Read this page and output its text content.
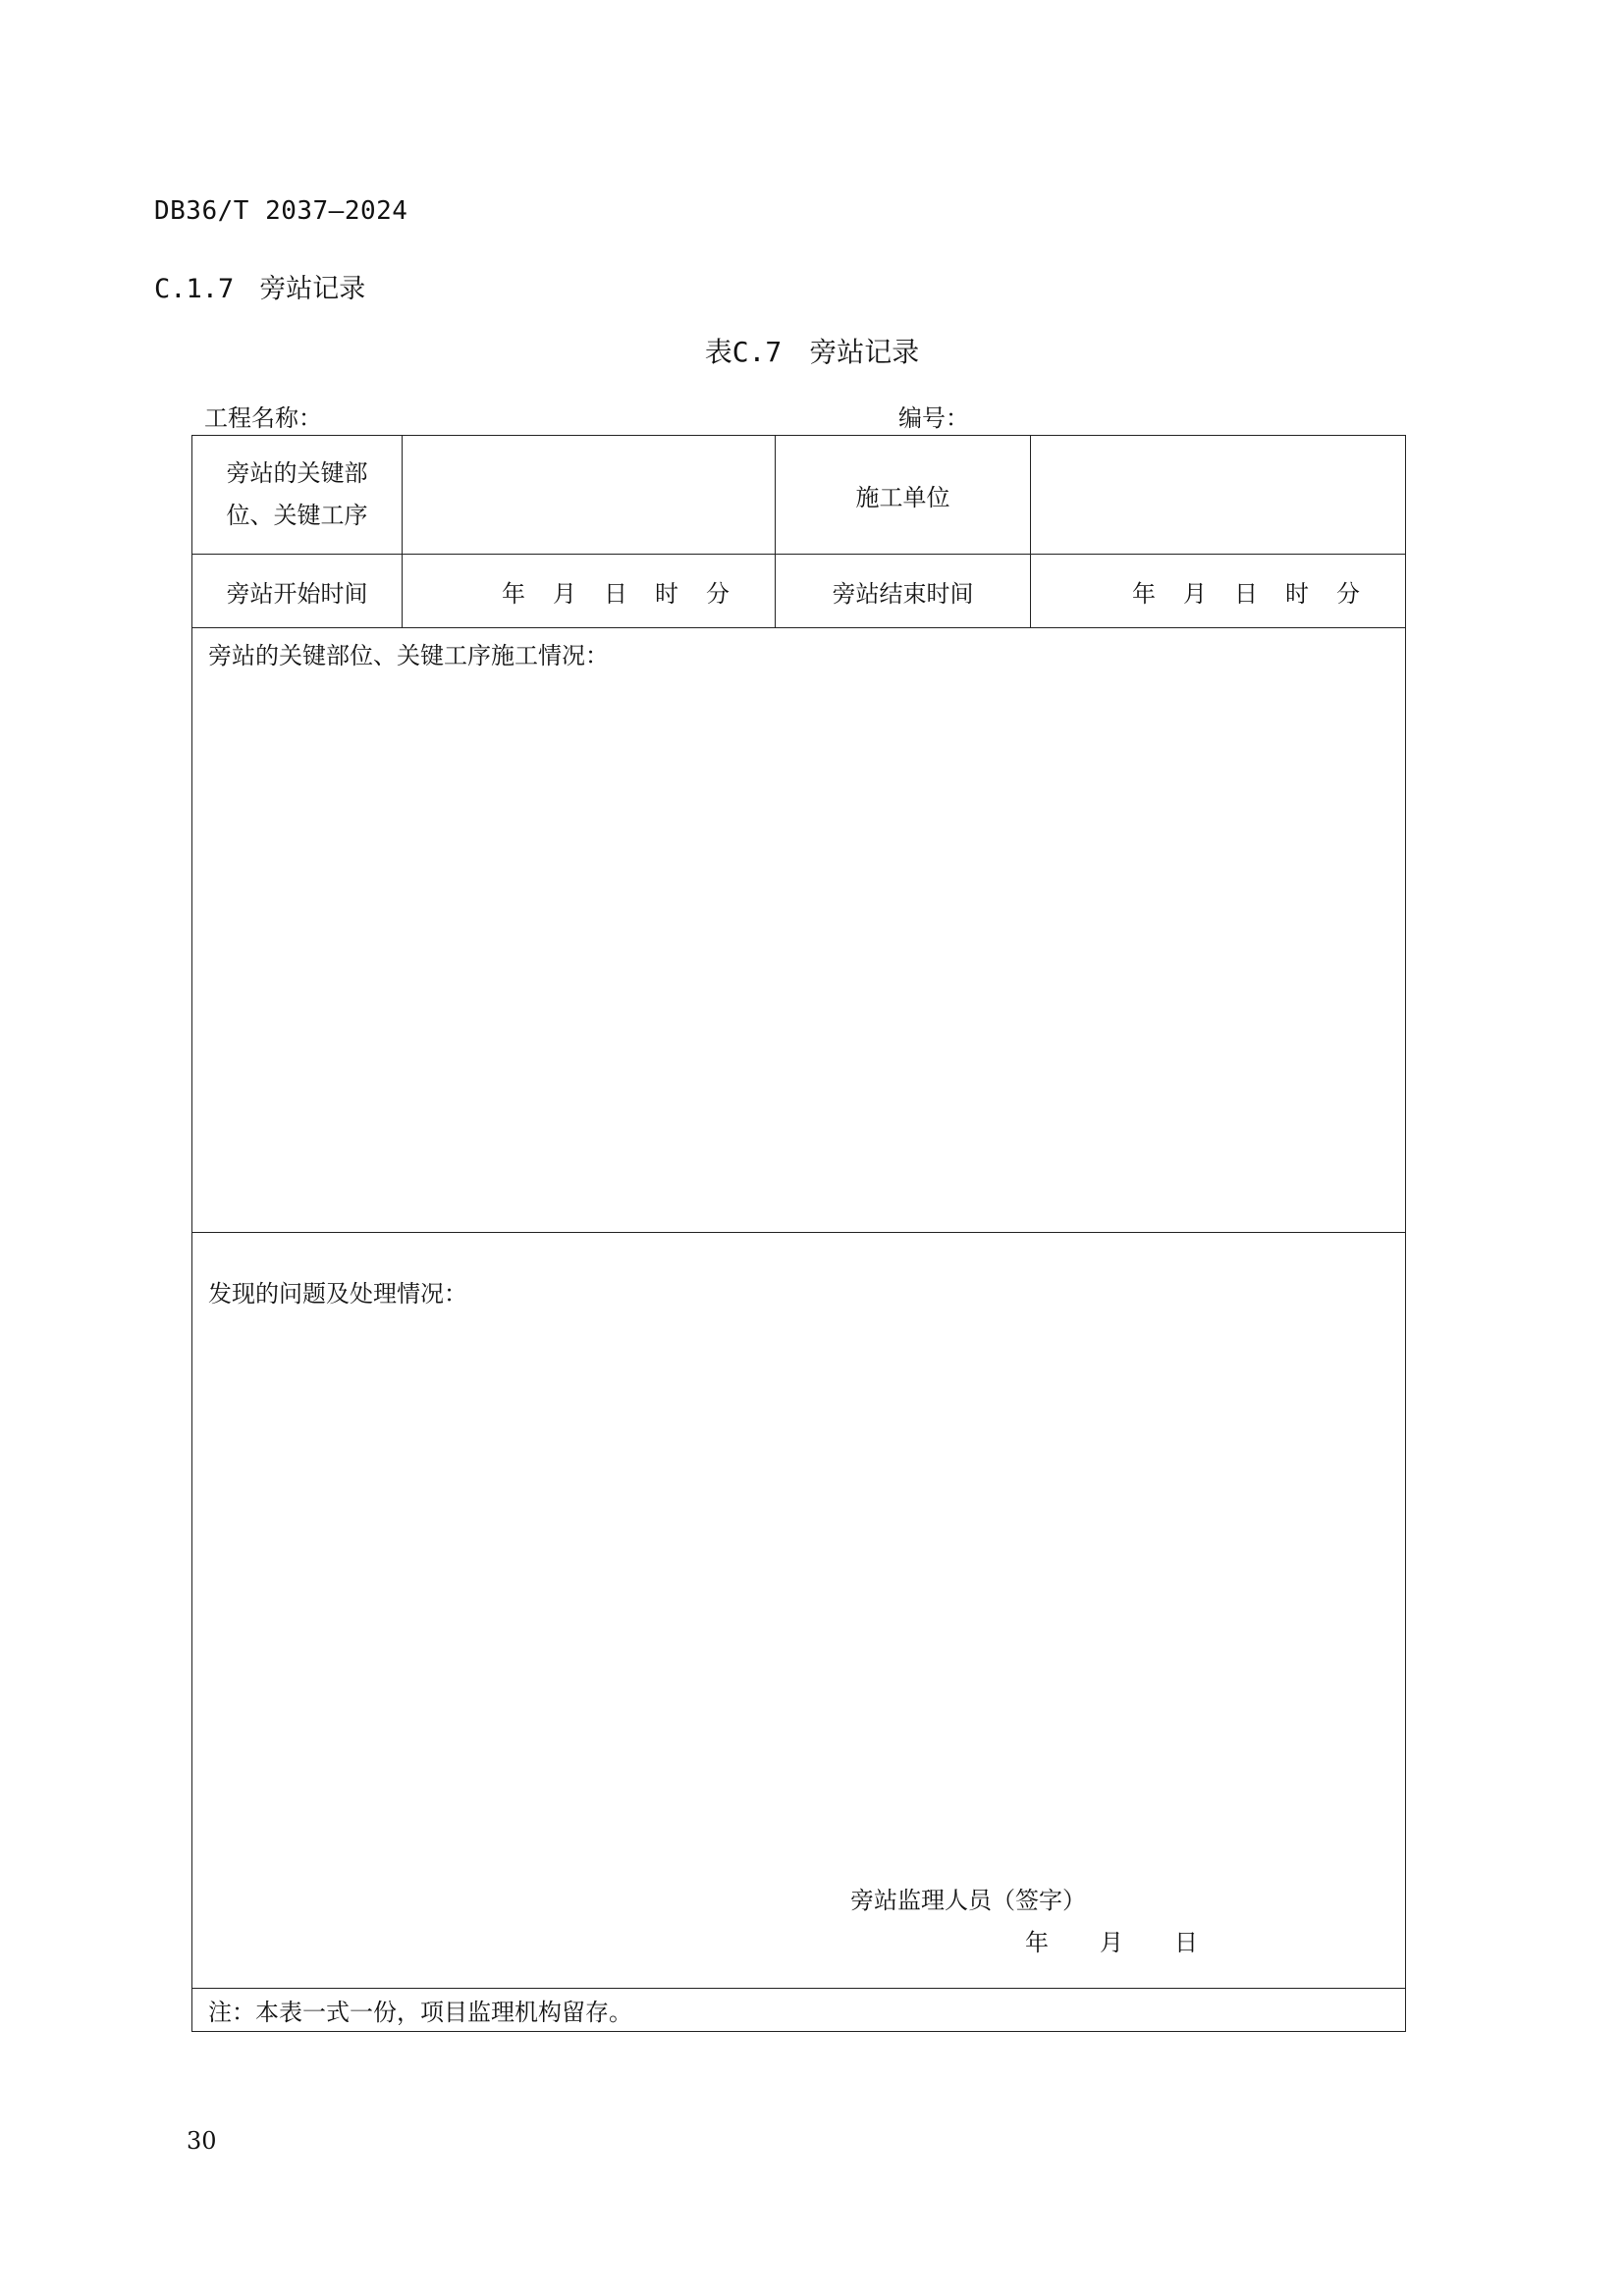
DB36/T 2037—2024
C.1.7 旁站记录
表C.7 旁站记录
工程名称：	编号：
旁站的关键部
位、关键工序		施工单位	
旁站开始时间	年 月 日 时 分	旁站结束时间	年 月 日 时 分

旁站的关键部位、关键工序施工情况：			

发现的问题及处理情况：
旁站监理人员（签字）
年 月 日			

注：本表一式一份，项目监理机构留存。			
30
